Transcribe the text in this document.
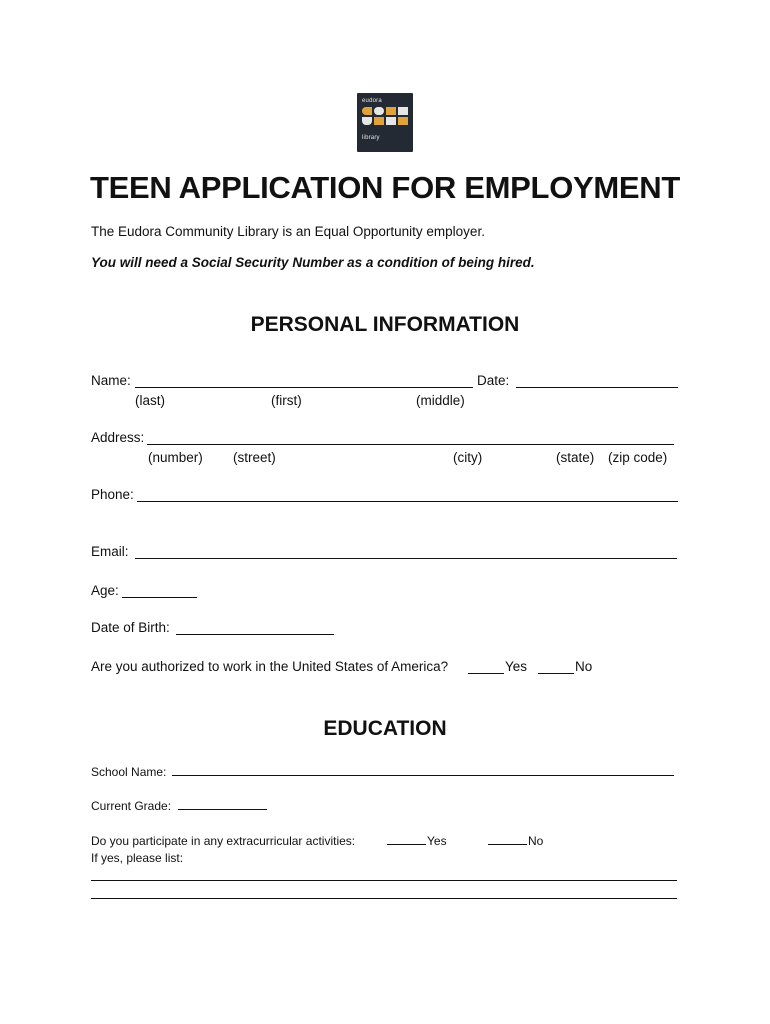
eudora
library
TEEN APPLICATION FOR EMPLOYMENT
The Eudora Community Library is an Equal Opportunity employer.
You will need a Social Security Number as a condition of being hired.
PERSONAL INFORMATION
Name:	Date:
(last)	(first)	(middle)
Address:
(number) (street)	(city)	(state) (zip code)
Phone:
Email:
Age:
Date of Birth:
Are you authorized to work in the United States of America?	Yes	No
EDUCATION
School Name:
Current Grade:
Do you participate in any extracurricular activities:	Yes	No
If yes, please list:
